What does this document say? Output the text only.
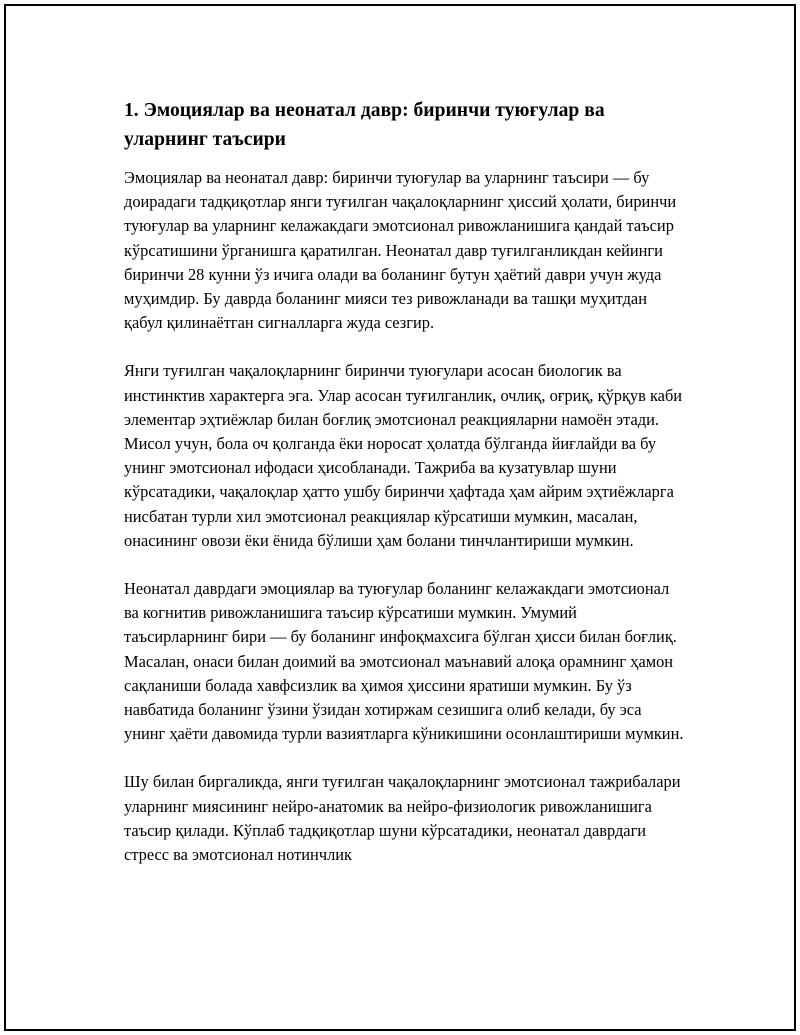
1. Эмоциялар ва неонатал давр: биринчи туюғулар ва уларнинг таъсири

Эмоциялар ва неонатал давр: биринчи туюғулар ва уларнинг таъсири — бу доирадаги тадқиқотлар янги туғилган чақалоқларнинг ҳиссий ҳолати, биринчи туюғулар ва уларнинг келажакдаги эмотсионал ривожланишига қандай таъсир кўрсатишини ўрганишга қаратилган. Неонатал давр туғилганликдан кейинги биринчи 28 кунни ўз ичига олади ва боланинг бутун ҳаётий даври учун жуда муҳимдир. Бу даврда боланинг мияси тез ривожланади ва ташқи муҳитдан қабул қилинаётган сигналларга жуда сезгир.

Янги туғилган чақалоқларнинг биринчи туюғулари асосан биологик ва инстинктив характерга эга. Улар асосан туғилганлик, очлиқ, оғриқ, қўрқув каби элементар эҳтиёжлар билан боғлиқ эмотсионал реакцияларни намоён этади. Мисол учун, бола оч қолганда ёки норосат ҳолатда бўлганда йиғлайди ва бу унинг эмотсионал ифодаси ҳисобланади. Тажриба ва кузатувлар шуни кўрсатадики, чақалоқлар ҳатто ушбу биринчи ҳафтада ҳам айрим эҳтиёжларга нисбатан турли хил эмотсионал реакциялар кўрсатиши мумкин, масалан, онасининг овози ёки ёнида бўлиши ҳам болани тинчлантириши мумкин.

Неонатал даврдаги эмоциялар ва туюғулар боланинг келажакдаги эмотсионал ва когнитив ривожланишига таъсир кўрсатиши мумкин. Умумий таъсирларнинг бири — бу боланинг инфоқмахсига бўлган ҳисси билан боғлиқ. Масалан, онаси билан доимий ва эмотсионал маънавий алоқа орамнинг ҳамон сақланиши болада хавфсизлик ва ҳимоя ҳиссини яратиши мумкин. Бу ўз навбатида боланинг ўзини ўзидан хотиржам сезишига олиб келади, бу эса унинг ҳаёти давомида турли вазиятларга кўникишини осонлаштириши мумкин.

Шу билан биргаликда, янги туғилган чақалоқларнинг эмотсионал тажрибалари уларнинг миясининг нейро-анатомик ва нейро-физиологик ривожланишига таъсир қилади. Кўплаб тадқиқотлар шуни кўрсатадики, неонатал даврдаги стресс ва эмотсионал нотинчлик
